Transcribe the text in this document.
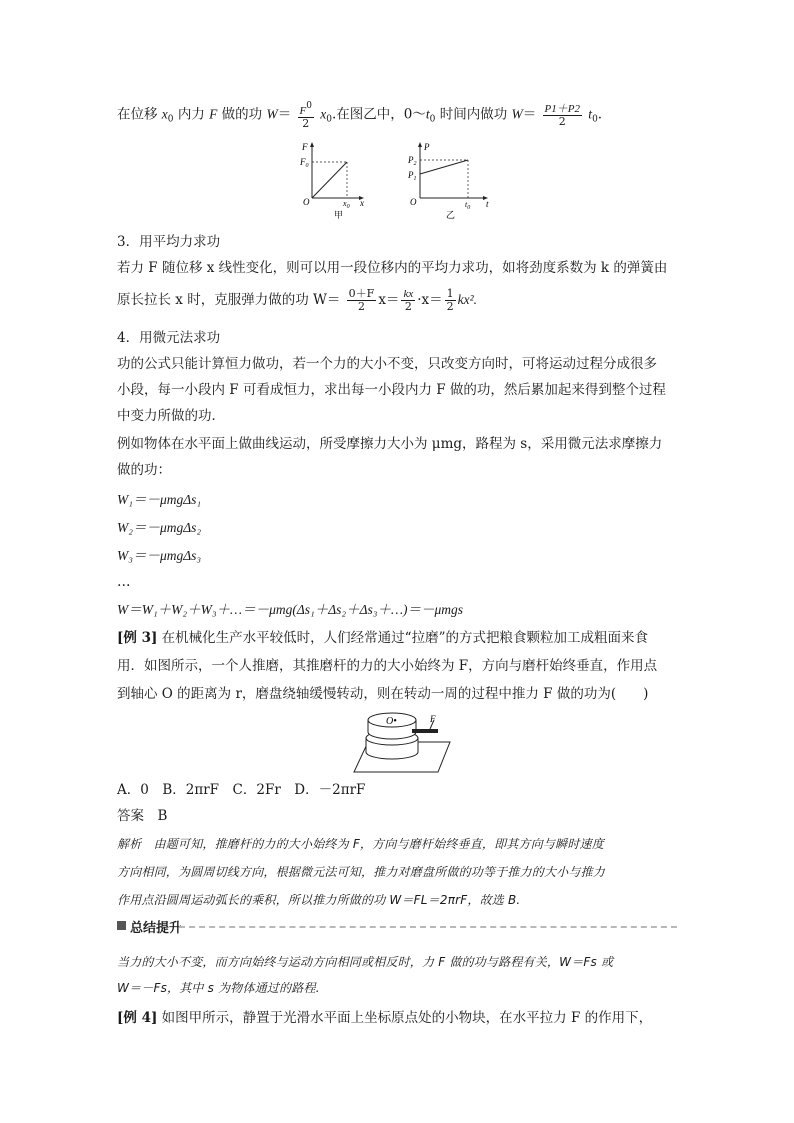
在位移 $x_0$ 内力 F 做的功 $W= \frac{F^0}{2} x_0$.在图乙中，$0\sim t_0$ 时间内做功 $W= \frac{P1+P2}{2} t_0$.
F
$F_0$
O	$x_0$ x
甲
P
$P_2$
$P_1$
O	$t_0$ t
乙
3．用平均力求功
若力 F 随位移 x 线性变化，则可以用一段位移内的平均力求功，如将劲度系数为 k 的弹簧由
原长拉长 x 时，克服弹力做的功 $W= \frac{0+F}{2} x= \frac{kx}{2} \cdot x= \frac{1}{2} kx^2$.
4．用微元法求功
功的公式只能计算恒力做功，若一个力的大小不变，只改变方向时，可将运动过程分成很多
小段，每一小段内 F 可看成恒力，求出每一小段内力 F 做的功，然后累加起来得到整个过程
中变力所做的功．
例如物体在水平面上做曲线运动，所受摩擦力大小为 μmg，路程为 s，采用微元法求摩擦力
做的功：
W₁＝－μmgΔs₁
W₂＝－μmgΔs₂
W₃＝－μmgΔs₃
…
W＝W₁＋W₂＋W₃＋…＝－μmg(Δs₁＋Δs₂＋Δs₃＋…)＝－μmgs
[例 3] 在机械化生产水平较低时，人们经常通过“拉磨”的方式把粮食颗粒加工成粗面来食
用．如图所示，一个人推磨，其推磨杆的力的大小始终为 F，方向与磨杆始终垂直，作用点
到轴心 O 的距离为 r，磨盘绕轴缓慢转动，则在转动一周的过程中推力 F 做的功为(　　)
O•	F
A．0　B．2πrF　C．2Fr　D．－2πrF
答案　B
解析　由题可知，推磨杆的力的大小始终为 F，方向与磨杆始终垂直，即其方向与瞬时速度
方向相同，为圆周切线方向，根据微元法可知，推力对磨盘所做的功等于推力的大小与推力
作用点沿圆周运动弧长的乘积，所以推力所做的功 W＝FL＝2πrF，故选 B.
总结提升
当力的大小不变，而方向始终与运动方向相同或相反时，力 F 做的功与路程有关，W＝Fs 或
W＝－Fs，其中 s 为物体通过的路程.
[例 4] 如图甲所示，静置于光滑水平面上坐标原点处的小物块，在水平拉力 F 的作用下，
